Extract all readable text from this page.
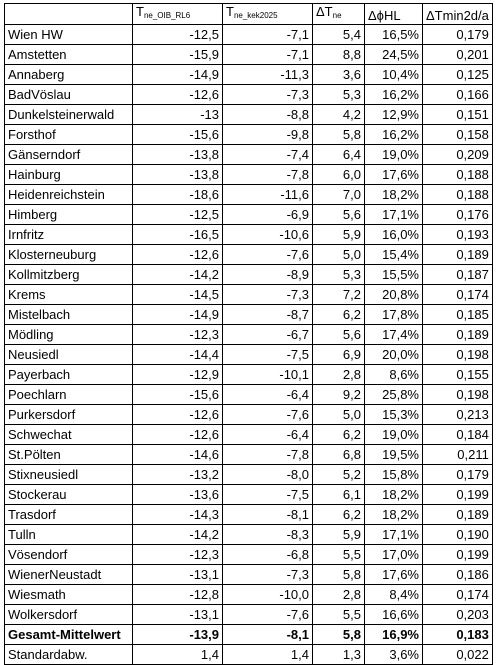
	$T_{ne\_OIB\_RL6}$	$T_{ne\_kek2025}$	$\Delta T_{ne}$	ΔϕHL	ΔTmin2d/a
Wien HW	-12,5	-7,1	5,4	16,5%	0,179
Amstetten	-15,9	-7,1	8,8	24,5%	0,201
Annaberg	-14,9	-11,3	3,6	10,4%	0,125
BadVöslau	-12,6	-7,3	5,3	16,2%	0,166
Dunkelsteinerwald	-13	-8,8	4,2	12,9%	0,151
Forsthof	-15,6	-9,8	5,8	16,2%	0,158
Gänserndorf	-13,8	-7,4	6,4	19,0%	0,209
Hainburg	-13,8	-7,8	6,0	17,6%	0,188
Heidenreichstein	-18,6	-11,6	7,0	18,2%	0,188
Himberg	-12,5	-6,9	5,6	17,1%	0,176
Irnfritz	-16,5	-10,6	5,9	16,0%	0,193
Klosterneuburg	-12,6	-7,6	5,0	15,4%	0,189
Kollmitzberg	-14,2	-8,9	5,3	15,5%	0,187
Krems	-14,5	-7,3	7,2	20,8%	0,174
Mistelbach	-14,9	-8,7	6,2	17,8%	0,185
Mödling	-12,3	-6,7	5,6	17,4%	0,189
Neusiedl	-14,4	-7,5	6,9	20,0%	0,198
Payerbach	-12,9	-10,1	2,8	8,6%	0,155
Poechlarn	-15,6	-6,4	9,2	25,8%	0,198
Purkersdorf	-12,6	-7,6	5,0	15,3%	0,213
Schwechat	-12,6	-6,4	6,2	19,0%	0,184
St.Pölten	-14,6	-7,8	6,8	19,5%	0,211
Stixneusiedl	-13,2	-8,0	5,2	15,8%	0,179
Stockerau	-13,6	-7,5	6,1	18,2%	0,199
Trasdorf	-14,3	-8,1	6,2	18,2%	0,189
Tulln	-14,2	-8,3	5,9	17,1%	0,190
Vösendorf	-12,3	-6,8	5,5	17,0%	0,199
WienerNeustadt	-13,1	-7,3	5,8	17,6%	0,186
Wiesmath	-12,8	-10,0	2,8	8,4%	0,174
Wolkersdorf	-13,1	-7,6	5,5	16,6%	0,203
Gesamt-Mittelwert	-13,9	-8,1	5,8	16,9%	0,183
Standardabw.	1,4	1,4	1,3	3,6%	0,022
